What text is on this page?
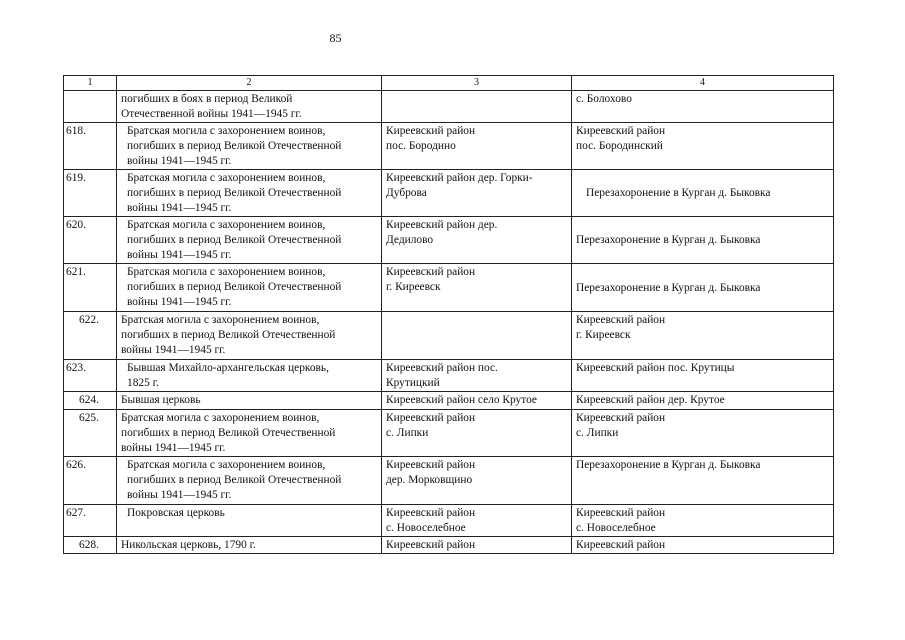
85
1	2	3	4
	погибших в боях в период Великой
Отечественной войны 1941—1945 гг.		с. Болохово
618.	Братская могила с захоронением воинов,
погибших в период Великой Отечественной
войны 1941—1945 гг.	Киреевский район
пос. Бородино	Киреевский район
пос. Бородинский
619.	Братская могила с захоронением воинов,
погибших в период Великой Отечественной
войны 1941—1945 гг.	Киреевский район дер. Горки-
Дуброва	Перезахоронение в Курган д. Быковка
620.	Братская могила с захоронением воинов,
погибших в период Великой Отечественной
войны 1941—1945 гг.	Киреевский район дер.
Дедилово	Перезахоронение в Курган д. Быковка
621.	Братская могила с захоронением воинов,
погибших в период Великой Отечественной
войны 1941—1945 гг.	Киреевский район
г. Киреевск	Перезахоронение в Курган д. Быковка
622.	Братская могила с захоронением воинов,
погибших в период Великой Отечественной
войны 1941—1945 гг.		Киреевский район
г. Киреевск
623.	Бывшая Михайло-архангельская церковь,
1825 г.	Киреевский район пос.
Крутицкий	Киреевский район пос. Крутицы
624.	Бывшая церковь	Киреевский район село Крутое	Киреевский район дер. Крутое
625.	Братская могила с захоронением воинов,
погибших в период Великой Отечественной
войны 1941—1945 гг.	Киреевский район
с. Липки	Киреевский район
с. Липки
626.	Братская могила с захоронением воинов,
погибших в период Великой Отечественной
войны 1941—1945 гг.	Киреевский район
дер. Морковщино	Перезахоронение в Курган д. Быковка
627.	Покровская церковь	Киреевский район
с. Новоселебное	Киреевский район
с. Новоселебное
628.	Никольская церковь, 1790 г.	Киреевский район	Киреевский район
